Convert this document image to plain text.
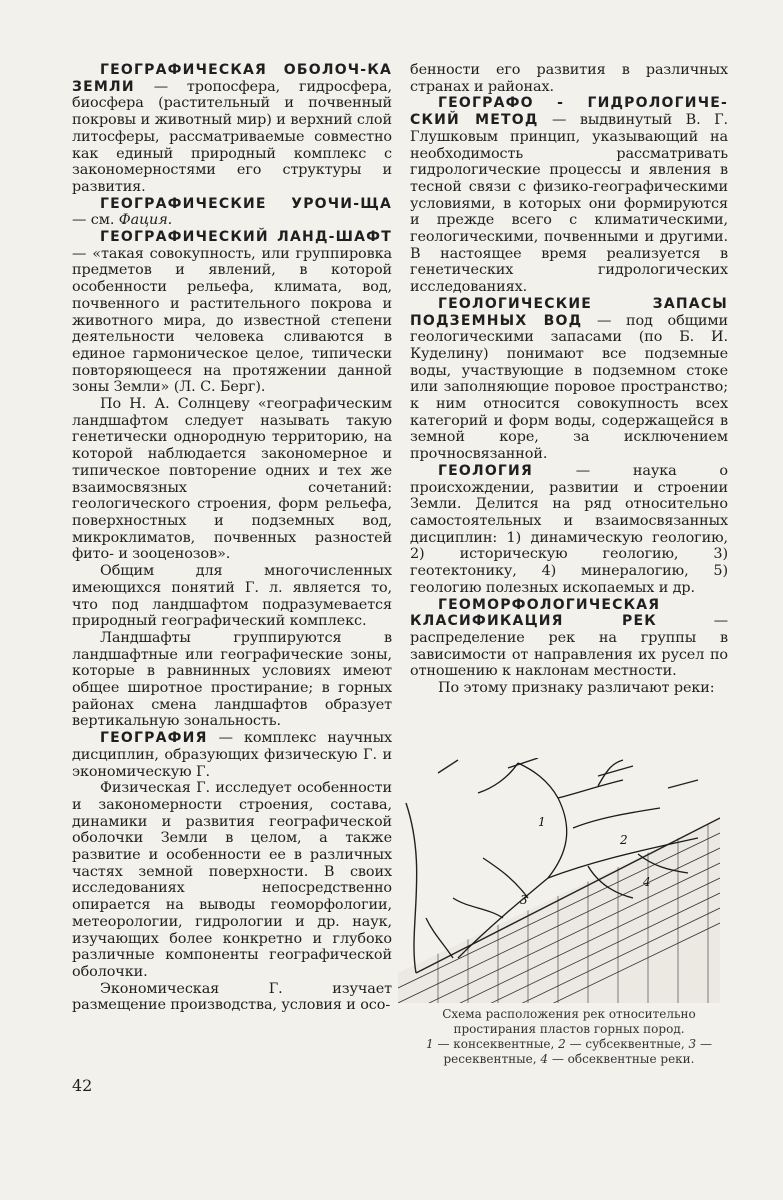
ГЕОГРАФИЧЕСКАЯ ОБОЛОЧ-КА ЗЕМЛИ — тропосфера, гидросфера, биосфера (растительный и почвенный покровы и животный мир) и верхний слой литосферы, рассматриваемые совместно как единый природный комплекс с закономерностями его структуры и развития.

ГЕОГРАФИЧЕСКИЕ УРОЧИ-ЩА — см. Фация.

ГЕОГРАФИЧЕСКИЙ ЛАНД-ШАФТ — «такая совокупность, или группировка предметов и явлений, в которой особенности рельефа, климата, вод, почвенного и растительного покрова и животного мира, до известной степени деятельности человека сливаются в единое гармоническое целое, типически повторяющееся на протяжении данной зоны Земли» (Л. С. Берг).

По Н. А. Солнцеву «географическим ландшафтом следует называть такую генетически однородную территорию, на которой наблюдается закономерное и типическое повторение одних и тех же взаимосвязных сочетаний: геологического строения, форм рельефа, поверхностных и подземных вод, микроклиматов, почвенных разностей фито- и зооценозов».

Общим для многочисленных имеющихся понятий Г. л. является то, что под ландшафтом подразумевается природный географический комплекс.

Ландшафты группируются в ландшафтные или географические зоны, которые в равнинных условиях имеют общее широтное простирание; в горных районах смена ландшафтов образует вертикальную зональность.

ГЕОГРАФИЯ — комплекс научных дисциплин, образующих физическую Г. и экономическую Г.

Физическая Г. исследует особенности и закономерности строения, состава, динамики и развития географической оболочки Земли в целом, а также развитие и особенности ее в различных частях земной поверхности. В своих исследованиях непосредственно опирается на выводы геоморфологии, метеорологии, гидрологии и др. наук, изучающих более конкретно и глубоко различные компоненты географической оболочки.

Экономическая Г. изучает размещение производства, условия и осо-

бенности его развития в различных странах и районах.

ГЕОГРАФО - ГИДРОЛОГИЧЕ-СКИЙ МЕТОД — выдвинутый В. Г. Глушковым принцип, указывающий на необходимость рассматривать гидрологические процессы и явления в тесной связи с физико-географическими условиями, в которых они формируются и прежде всего с климатическими, геологическими, почвенными и другими. В настоящее время реализуется в генетических гидрологических исследованиях.

ГЕОЛОГИЧЕСКИЕ ЗАПАСЫ ПОДЗЕМНЫХ ВОД — под общими геологическими запасами (по Б. И. Куделину) понимают все подземные воды, участвующие в подземном стоке или заполняющие поровое пространство; к ним относится совокупность всех категорий и форм воды, содержащейся в земной коре, за исключением прочносвязанной.

ГЕОЛОГИЯ — наука о происхождении, развитии и строении Земли. Делится на ряд относительно самостоятельных и взаимосвязанных дисциплин: 1) динамическую геологию, 2) историческую геологию, 3) геотектонику, 4) минералогию, 5) геологию полезных ископаемых и др.

ГЕОМОРФОЛОГИЧЕСКАЯ КЛАСИФИКАЦИЯ РЕК — распределение рек на группы в зависимости от направления их русел по отношению к наклонам местности.

По этому признаку различают реки:

1
2
3
4

Схема расположения рек относительно простирания пластов горных пород.

1 — консеквентные, 2 — субсеквентные, 3 — ресеквентные, 4 — обсеквентные реки.

42
